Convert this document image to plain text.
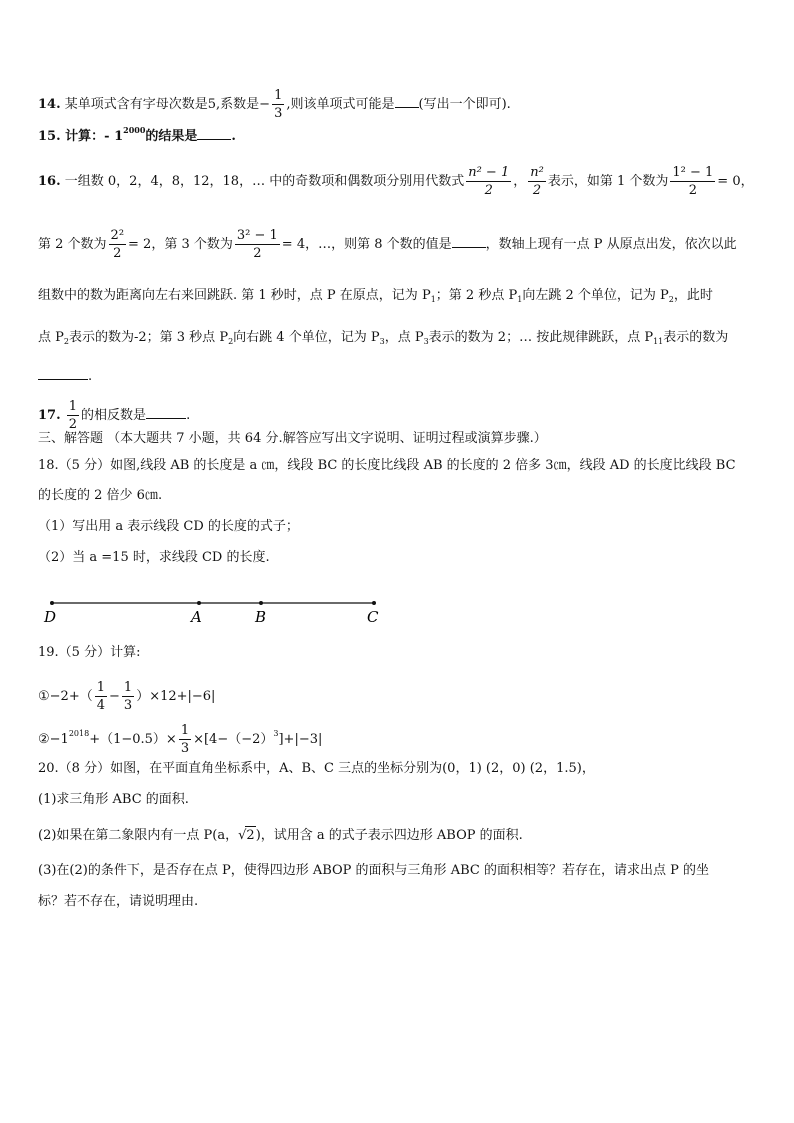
14. 某单项式含有字母次数是5,系数是− $\frac{1}{3}$ ,则该单项式可能是 (写出一个即可).
15. 计算：- $1^{2000}$的结果是	.
16. 一组数 0，2，4，8，12，18，… 中的奇数项和偶数项分别用代数式 $\frac{\text{n² − 1}}{2}$ ， $\frac{\text{n²}}{2}$ 表示，如第 1 个数为 $\frac{\text{1² − 1}}{2} = 0$，
第 2 个数为 $\frac{\text{2²}}{2} = 2$，第 3 个数为 $\frac{\text{3² − 1}}{2} = 4$，…，则第 8 个数的值是	，数轴上现有一点 P 从原点出发，依次以此
组数中的数为距离向左右来回跳跃. 第 1 秒时，点 P 在原点，记为 $P_1$；第 2 秒点 $P_1$向左跳 2 个单位，记为 $P_2$，此时
点 $P_2$表示的数为-2；第 3 秒点 $P_2$向右跳 4 个单位，记为 $P_3$，点 $P_3$表示的数为 2；… 按此规律跳跃，点 $P_{11}$表示的数为
.
17. $\frac{1}{2}$ 的相反数是	.
三、解答题 （本大题共 7 小题，共 64 分.解答应写出文字说明、证明过程或演算步骤.）
18.（5 分）如图,线段 AB 的长度是 a ㎝，线段 BC 的长度比线段 AB 的长度的 2 倍多 3㎝，线段 AD 的长度比线段 BC
的长度的 2 倍少 6㎝.
（1）写出用 a 表示线段 CD 的长度的式子；
（2）当 a =15 时，求线段 CD 的长度.
D	A	B	C
19.（5 分）计算:
①−2+（ $\frac{1}{4} - \frac{1}{3} )\times 12+|-6|$
$②-1^{2018}+(1-0.5)\times \frac{1}{3} \times[4-(-2)^3]+|-3|$
20.（8 分）如图，在平面直角坐标系中，A、B、C 三点的坐标分别为(0，1) (2，0) (2，1.5)，
(1)求三角形 ABC 的面积.
(2)如果在第二象限内有一点 P(a，√2)，试用含 a 的式子表示四边形 ABOP 的面积.
(3)在(2)的条件下，是否存在点 P，使得四边形 ABOP 的面积与三角形 ABC 的面积相等？若存在，请求出点 P 的坐
标？若不存在，请说明理由.
